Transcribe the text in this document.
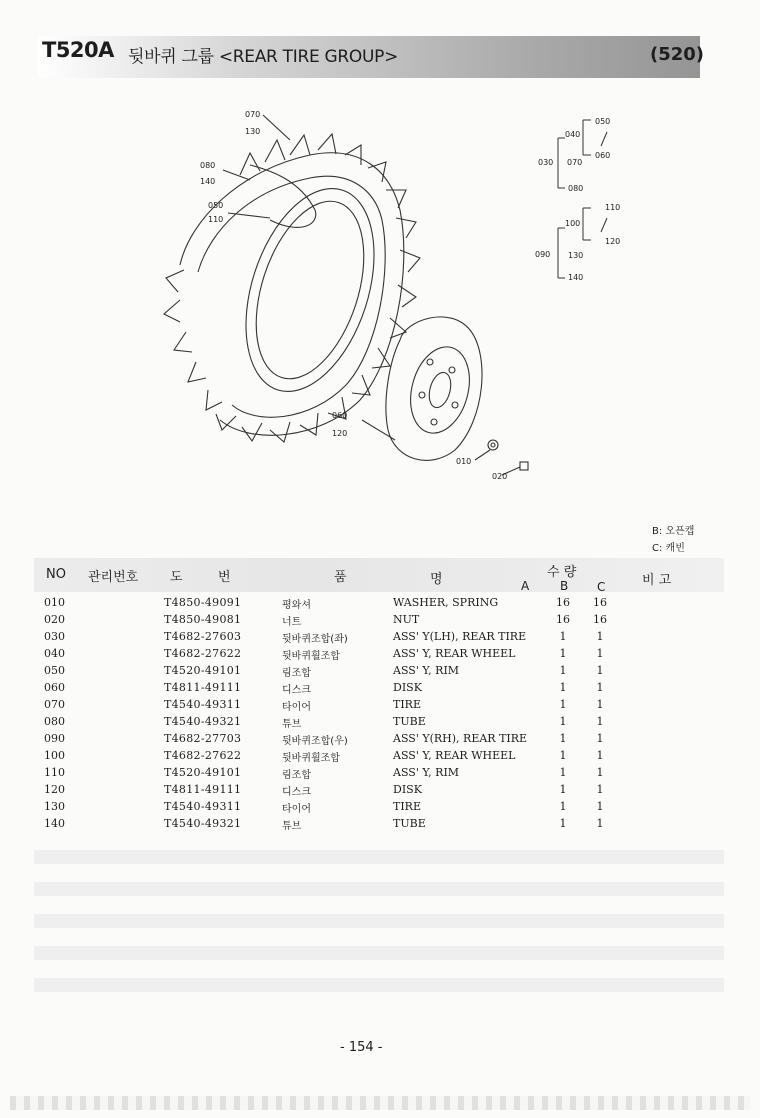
T520A 뒷바퀴 그룹 <REAR TIRE GROUP>	(520)
070
130
080
140
050
110
060
120
010
020
030
040
050
060
070
080
090
100
110
120
130
140
B: 오픈캡
C: 캐빈
NO 관리번호 도	번	품	명	수 량
A	B C	비 고
010	T4850-49091	평와셔	WASHER, SPRING	16	16
020	T4850-49081	너트	NUT	16	16
030	T4682-27603	뒷바퀴조합(좌)	ASS' Y(LH), REAR TIRE	1	1
040	T4682-27622	뒷바퀴휠조합	ASS' Y, REAR WHEEL	1	1
050	T4520-49101	림조합	ASS' Y, RIM	1	1
060	T4811-49111	디스크	DISK	1	1
070	T4540-49311	타이어	TIRE	1	1
080	T4540-49321	튜브	TUBE	1	1
090	T4682-27703	뒷바퀴조합(우)	ASS' Y(RH), REAR TIRE	1	1
100	T4682-27622	뒷바퀴휠조합	ASS' Y, REAR WHEEL	1	1
110	T4520-49101	림조합	ASS' Y, RIM	1	1
120	T4811-49111	디스크	DISK	1	1
130	T4540-49311	타이어	TIRE	1	1
140	T4540-49321	튜브	TUBE	1	1
- 154 -
